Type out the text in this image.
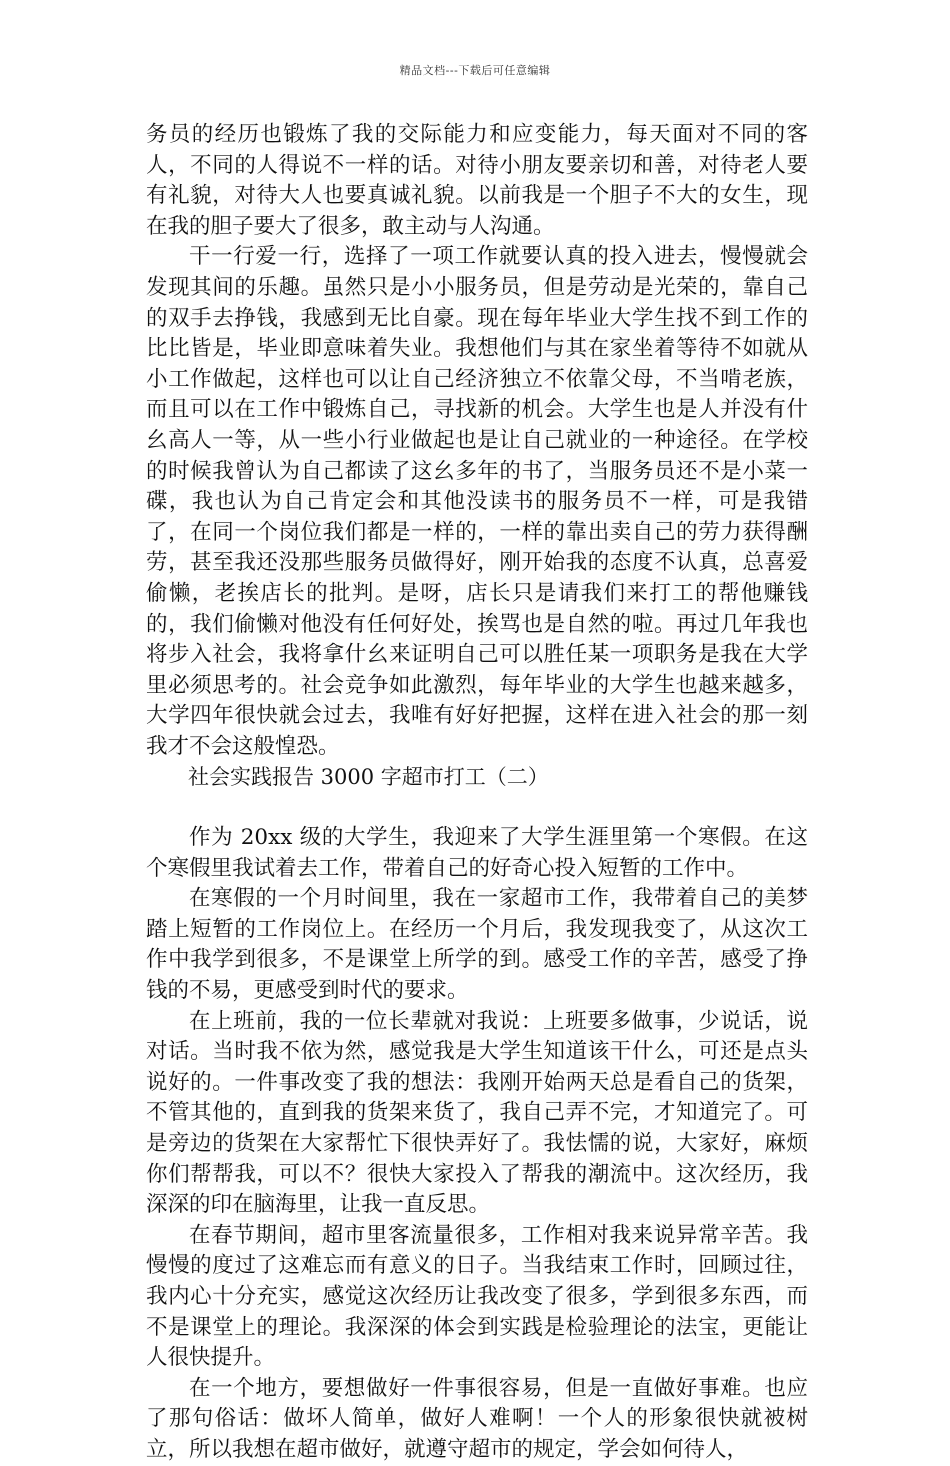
精品文档---下载后可任意编辑

务员的经历也锻炼了我的交际能力和应变能力，每天面对不同的客人，不同的人得说不一样的话。对待小朋友要亲切和善，对待老人要有礼貌，对待大人也要真诚礼貌。以前我是一个胆子不大的女生，现在我的胆子要大了很多，敢主动与人沟通。

干一行爱一行，选择了一项工作就要认真的投入进去，慢慢就会发现其间的乐趣。虽然只是小小服务员，但是劳动是光荣的，靠自己的双手去挣钱，我感到无比自豪。现在每年毕业大学生找不到工作的比比皆是，毕业即意味着失业。我想他们与其在家坐着等待不如就从小工作做起，这样也可以让自己经济独立不依靠父母，不当啃老族，而且可以在工作中锻炼自己，寻找新的机会。大学生也是人并没有什幺高人一等，从一些小行业做起也是让自己就业的一种途径。在学校的时候我曾认为自己都读了这幺多年的书了，当服务员还不是小菜一碟，我也认为自己肯定会和其他没读书的服务员不一样，可是我错了，在同一个岗位我们都是一样的，一样的靠出卖自己的劳力获得酬劳，甚至我还没那些服务员做得好，刚开始我的态度不认真，总喜爱偷懒，老挨店长的批判。是呀，店长只是请我们来打工的帮他赚钱的，我们偷懒对他没有任何好处，挨骂也是自然的啦。再过几年我也将步入社会，我将拿什幺来证明自己可以胜任某一项职务是我在大学里必须思考的。社会竞争如此激烈，每年毕业的大学生也越来越多，大学四年很快就会过去，我唯有好好把握，这样在进入社会的那一刻我才不会这般惶恐。

社会实践报告 3000 字超市打工（二）

作为 20xx 级的大学生，我迎来了大学生涯里第一个寒假。在这个寒假里我试着去工作，带着自己的好奇心投入短暂的工作中。

在寒假的一个月时间里，我在一家超市工作，我带着自己的美梦踏上短暂的工作岗位上。在经历一个月后，我发现我变了，从这次工作中我学到很多，不是课堂上所学的到。感受工作的辛苦，感受了挣钱的不易，更感受到时代的要求。

在上班前，我的一位长辈就对我说：上班要多做事，少说话，说对话。当时我不依为然，感觉我是大学生知道该干什么，可还是点头说好的。一件事改变了我的想法：我刚开始两天总是看自己的货架，不管其他的，直到我的货架来货了，我自己弄不完，才知道完了。可是旁边的货架在大家帮忙下很快弄好了。我怯懦的说，大家好，麻烦你们帮帮我，可以不？很快大家投入了帮我的潮流中。这次经历，我深深的印在脑海里，让我一直反思。

在春节期间，超市里客流量很多，工作相对我来说异常辛苦。我慢慢的度过了这难忘而有意义的日子。当我结束工作时，回顾过往，我内心十分充实，感觉这次经历让我改变了很多，学到很多东西，而不是课堂上的理论。我深深的体会到实践是检验理论的法宝，更能让人很快提升。

在一个地方，要想做好一件事很容易，但是一直做好事难。也应了那句俗话：做坏人简单，做好人难啊！一个人的形象很快就被树立，所以我想在超市做好，就遵守超市的规定，学会如何待人，
